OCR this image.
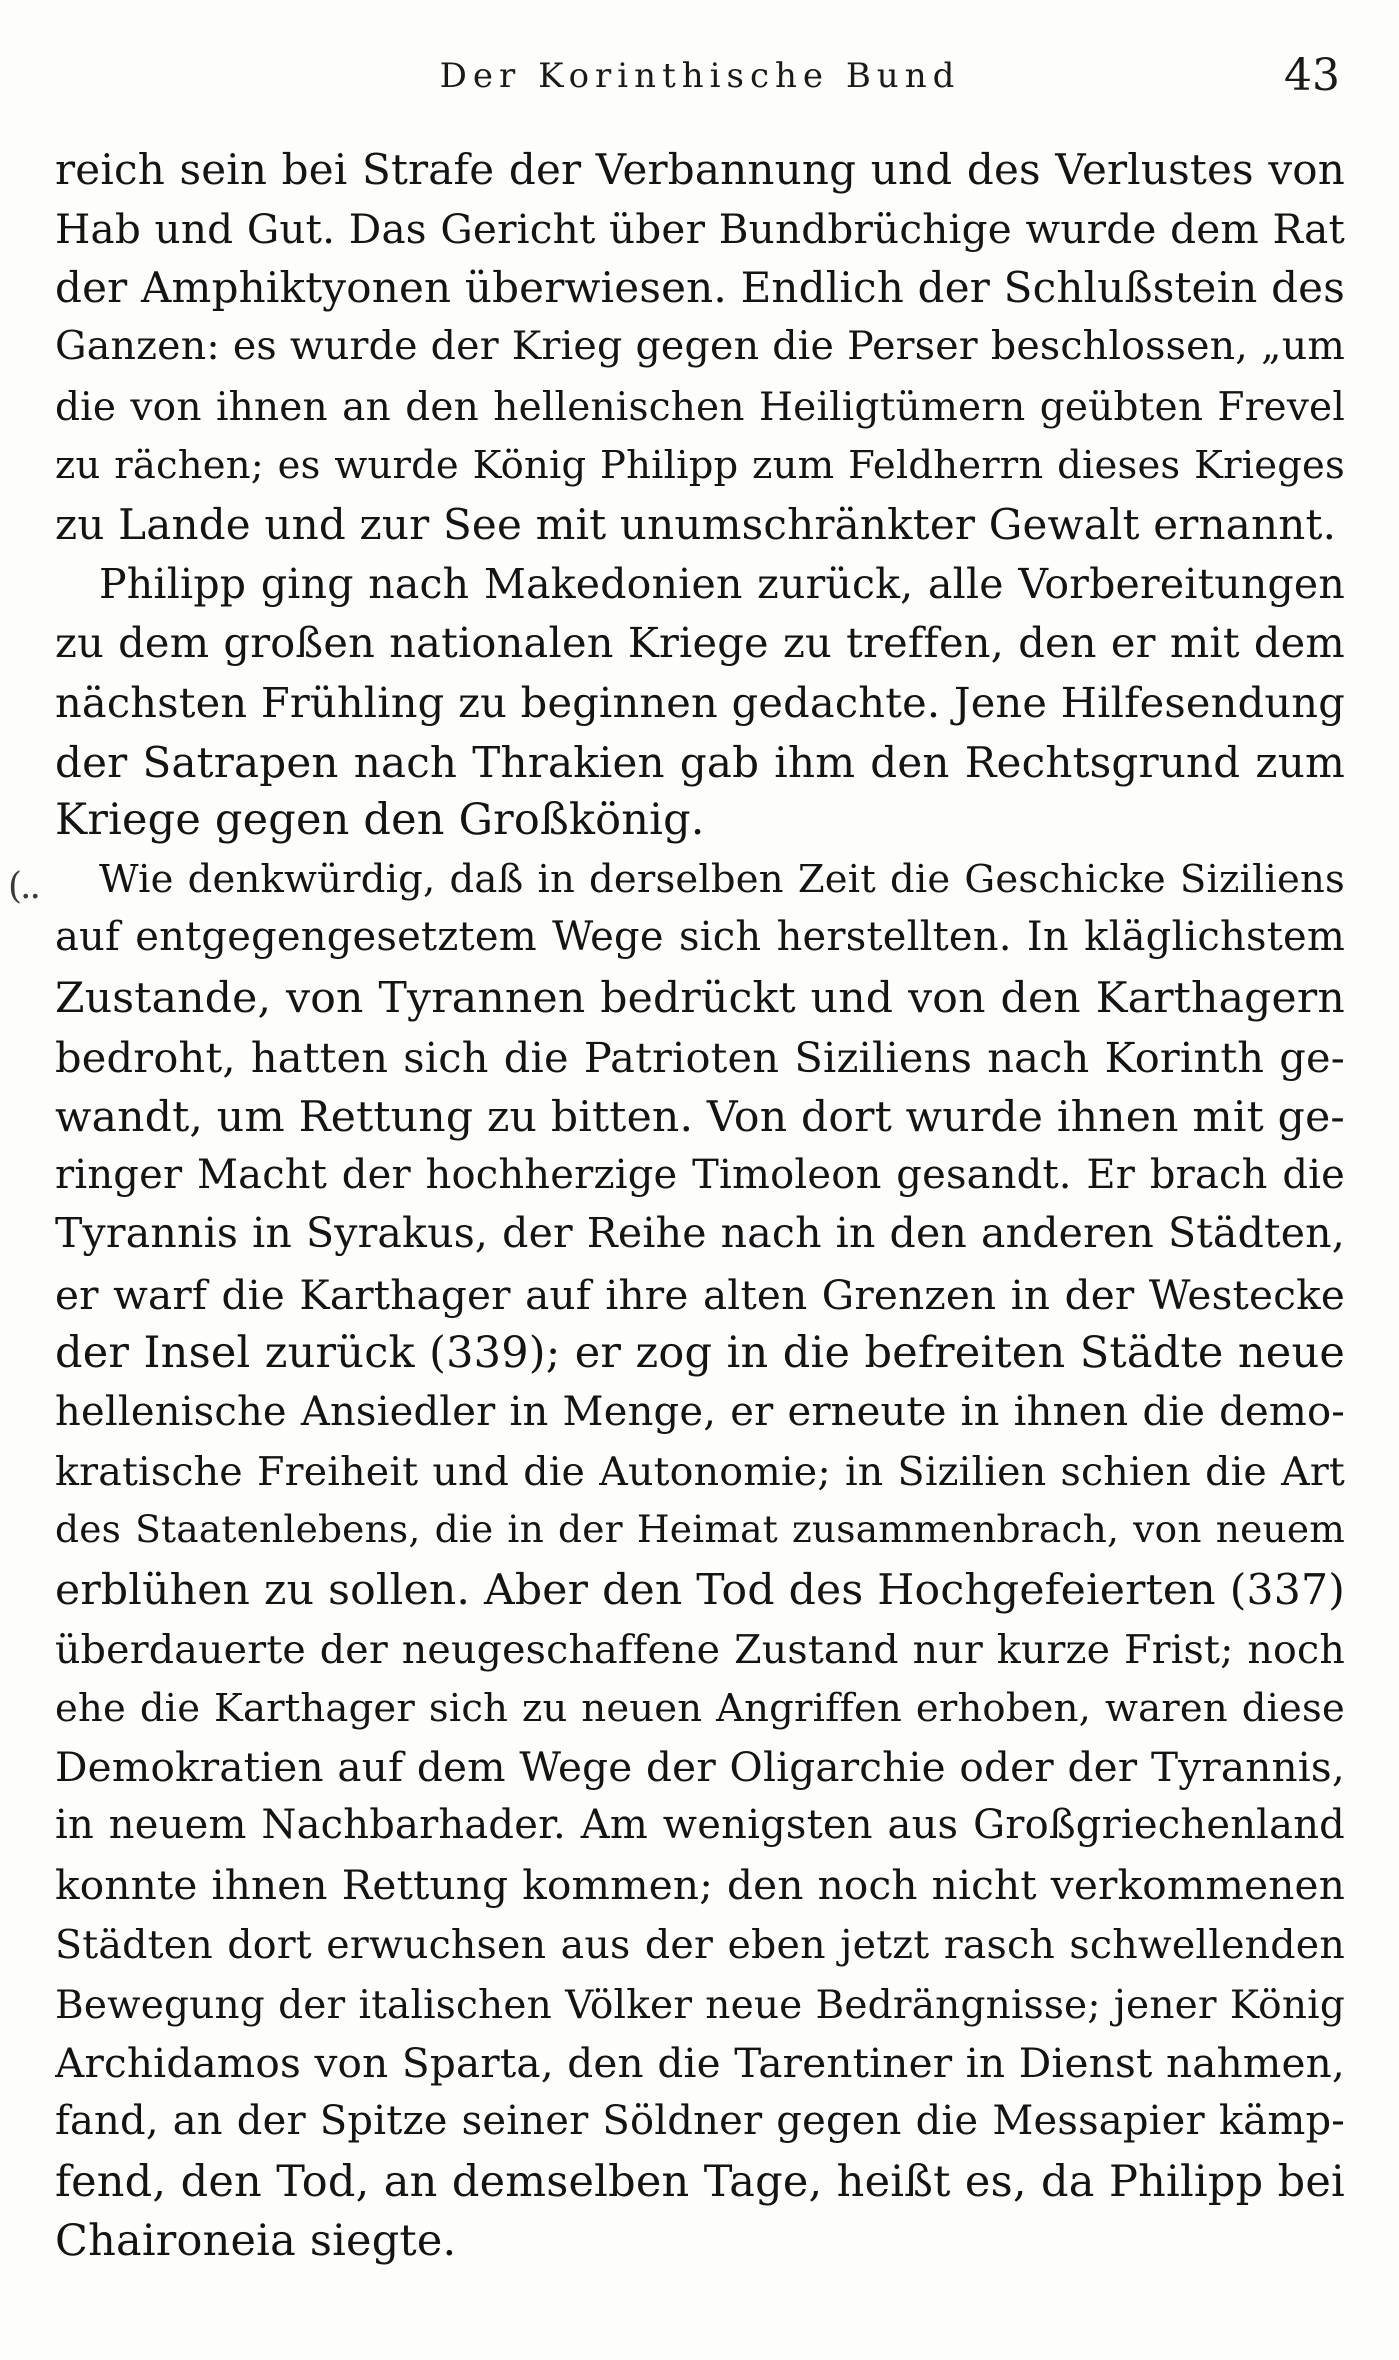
Der Korinthische Bund	43
(..
reich sein bei Strafe der Verbannung und des Verlustes von
Hab und Gut. Das Gericht über Bundbrüchige wurde dem Rat
der Amphiktyonen überwiesen. Endlich der Schlußstein des
Ganzen: es wurde der Krieg gegen die Perser beschlossen, „um
die von ihnen an den hellenischen Heiligtümern geübten Frevel
zu rächen; es wurde König Philipp zum Feldherrn dieses Krieges
zu Lande und zur See mit unumschränkter Gewalt ernannt.
Philipp ging nach Makedonien zurück, alle Vorbereitungen
zu dem großen nationalen Kriege zu treffen, den er mit dem
nächsten Frühling zu beginnen gedachte. Jene Hilfesendung
der Satrapen nach Thrakien gab ihm den Rechtsgrund zum
Kriege gegen den Großkönig.
Wie denkwürdig, daß in derselben Zeit die Geschicke Siziliens
auf entgegengesetztem Wege sich herstellten. In kläglichstem
Zustande, von Tyrannen bedrückt und von den Karthagern
bedroht, hatten sich die Patrioten Siziliens nach Korinth ge-
wandt, um Rettung zu bitten. Von dort wurde ihnen mit ge-
ringer Macht der hochherzige Timoleon gesandt. Er brach die
Tyrannis in Syrakus, der Reihe nach in den anderen Städten,
er warf die Karthager auf ihre alten Grenzen in der Westecke
der Insel zurück (339); er zog in die befreiten Städte neue
hellenische Ansiedler in Menge, er erneute in ihnen die demo-
kratische Freiheit und die Autonomie; in Sizilien schien die Art
des Staatenlebens, die in der Heimat zusammenbrach, von neuem
erblühen zu sollen. Aber den Tod des Hochgefeierten (337)
überdauerte der neugeschaffene Zustand nur kurze Frist; noch
ehe die Karthager sich zu neuen Angriffen erhoben, waren diese
Demokratien auf dem Wege der Oligarchie oder der Tyrannis,
in neuem Nachbarhader. Am wenigsten aus Großgriechenland
konnte ihnen Rettung kommen; den noch nicht verkommenen
Städten dort erwuchsen aus der eben jetzt rasch schwellenden
Bewegung der italischen Völker neue Bedrängnisse; jener König
Archidamos von Sparta, den die Tarentiner in Dienst nahmen,
fand, an der Spitze seiner Söldner gegen die Messapier kämp-
fend, den Tod, an demselben Tage, heißt es, da Philipp bei
Chaironeia siegte.
